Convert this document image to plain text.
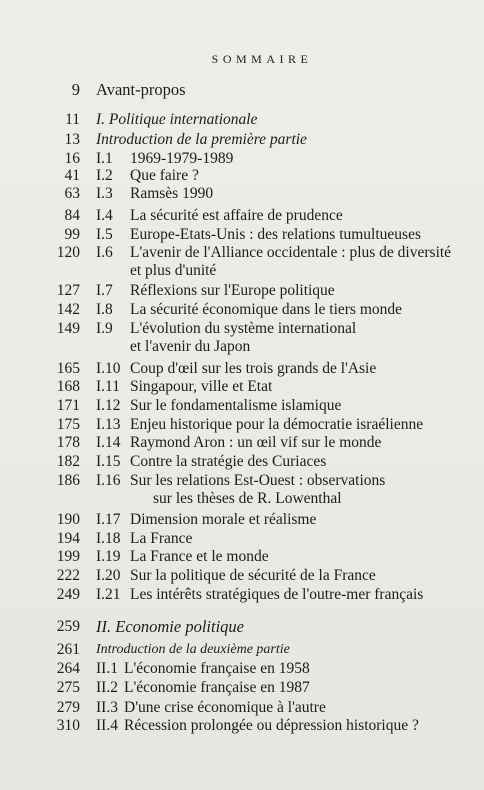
SOMMAIRE
9 Avant-propos
11 I. Politique internationale
13 Introduction de la première partie
16 I.1 1969-1979-1989
41 I.2 Que faire ?
63 I.3 Ramsès 1990
84 I.4 La sécurité est affaire de prudence
99 I.5 Europe-Etats-Unis : des relations tumultueuses
120 I.6 L'avenir de l'Alliance occidentale : plus de diversité
et plus d'unité
127 I.7 Réflexions sur l'Europe politique
142 I.8 La sécurité économique dans le tiers monde
149 I.9 L'évolution du système international
et l'avenir du Japon
165 I.10 Coup d'œil sur les trois grands de l'Asie
168 I.11 Singapour, ville et Etat
171 I.12 Sur le fondamentalisme islamique
175 I.13 Enjeu historique pour la démocratie israélienne
178 I.14 Raymond Aron : un œil vif sur le monde
182 I.15 Contre la stratégie des Curiaces
186 I.16 Sur les relations Est-Ouest : observations
sur les thèses de R. Lowenthal
190 I.17 Dimension morale et réalisme
194 I.18 La France
199 I.19 La France et le monde
222 I.20 Sur la politique de sécurité de la France
249 I.21 Les intérêts stratégiques de l'outre-mer français
259 II. Economie politique
261 Introduction de la deuxième partie
264 II.1 L'économie française en 1958
275 II.2 L'économie française en 1987
279 II.3 D'une crise économique à l'autre
310 II.4 Récession prolongée ou dépression historique ?
